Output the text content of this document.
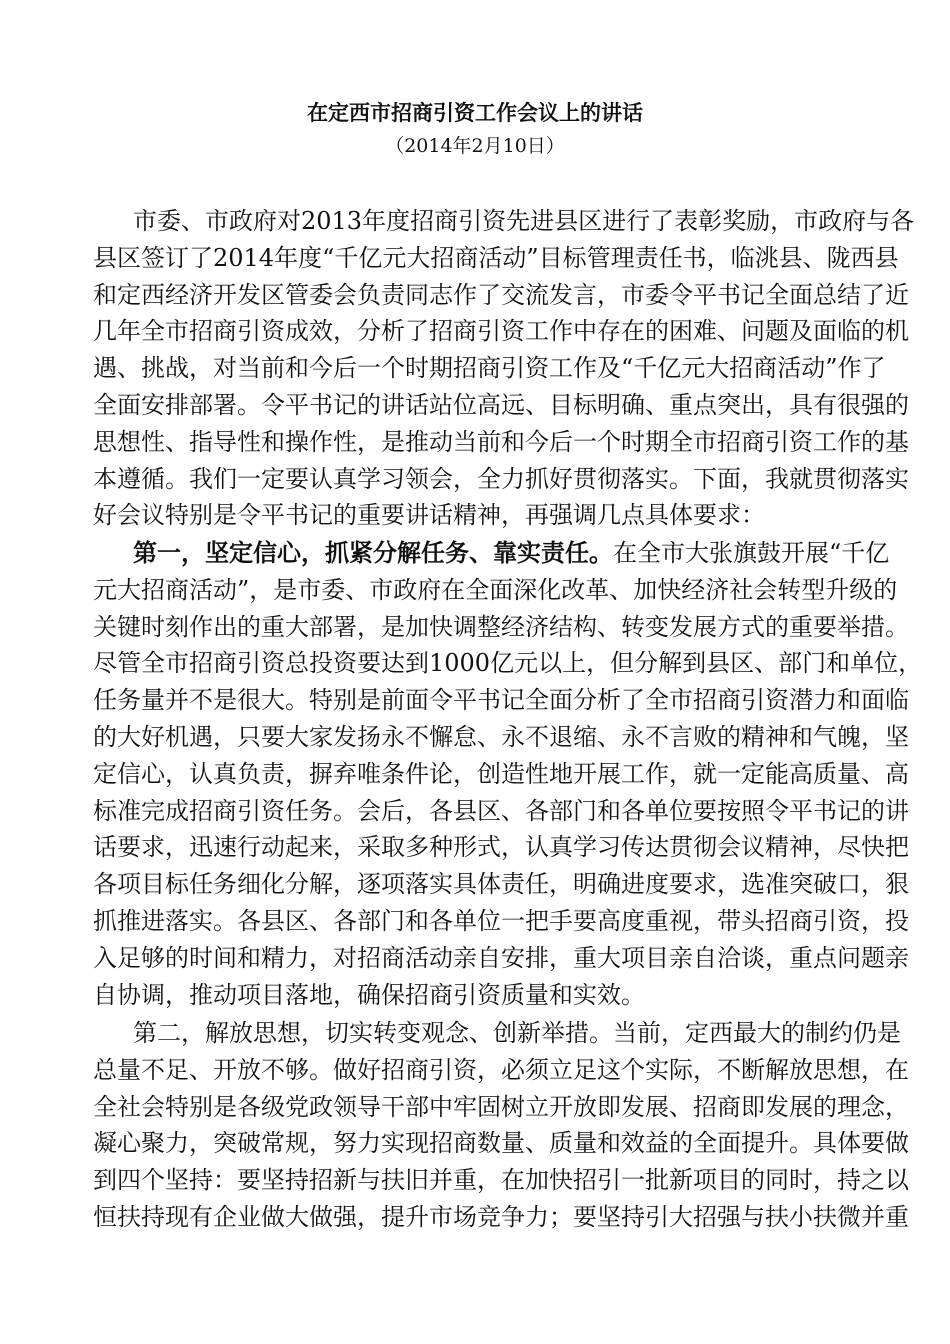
在定西市招商引资工作会议上的讲话
（2014年2月10日）
市委、市政府对2013年度招商引资先进县区进行了表彰奖励，市政府与各
县区签订了2014年度“千亿元大招商活动”目标管理责任书，临洮县、陇西县
和定西经济开发区管委会负责同志作了交流发言，市委令平书记全面总结了近
几年全市招商引资成效，分析了招商引资工作中存在的困难、问题及面临的机
遇、挑战，对当前和今后一个时期招商引资工作及“千亿元大招商活动”作了
全面安排部署。令平书记的讲话站位高远、目标明确、重点突出，具有很强的
思想性、指导性和操作性，是推动当前和今后一个时期全市招商引资工作的基
本遵循。我们一定要认真学习领会，全力抓好贯彻落实。下面，我就贯彻落实
好会议特别是令平书记的重要讲话精神，再强调几点具体要求：
第一，坚定信心，抓紧分解任务、靠实责任。在全市大张旗鼓开展“千亿
元大招商活动”，是市委、市政府在全面深化改革、加快经济社会转型升级的
关键时刻作出的重大部署，是加快调整经济结构、转变发展方式的重要举措。
尽管全市招商引资总投资要达到1000亿元以上，但分解到县区、部门和单位，
任务量并不是很大。特别是前面令平书记全面分析了全市招商引资潜力和面临
的大好机遇，只要大家发扬永不懈怠、永不退缩、永不言败的精神和气魄，坚
定信心，认真负责，摒弃唯条件论，创造性地开展工作，就一定能高质量、高
标准完成招商引资任务。会后，各县区、各部门和各单位要按照令平书记的讲
话要求，迅速行动起来，采取多种形式，认真学习传达贯彻会议精神，尽快把
各项目标任务细化分解，逐项落实具体责任，明确进度要求，选准突破口，狠
抓推进落实。各县区、各部门和各单位一把手要高度重视，带头招商引资，投
入足够的时间和精力，对招商活动亲自安排，重大项目亲自洽谈，重点问题亲
自协调，推动项目落地，确保招商引资质量和实效。
第二，解放思想，切实转变观念、创新举措。当前，定西最大的制约仍是
总量不足、开放不够。做好招商引资，必须立足这个实际，不断解放思想，在
全社会特别是各级党政领导干部中牢固树立开放即发展、招商即发展的理念，
凝心聚力，突破常规，努力实现招商数量、质量和效益的全面提升。具体要做
到四个坚持：要坚持招新与扶旧并重，在加快招引一批新项目的同时，持之以
恒扶持现有企业做大做强，提升市场竞争力；要坚持引大招强与扶小扶微并重
